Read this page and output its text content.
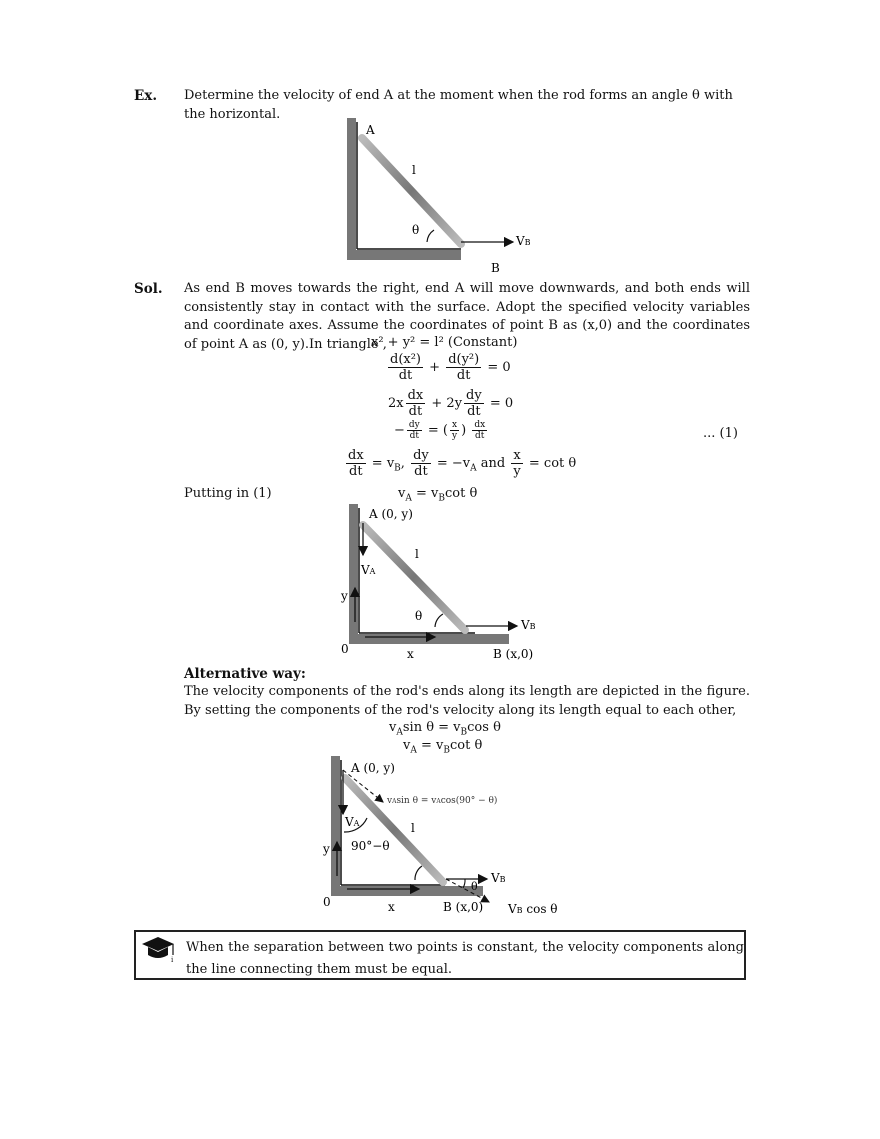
Ex. Determine the velocity of end A at the moment when the rod forms an angle θ with the horizontal.
A
l
θ
VB
B
Sol. As end B moves towards the right, end A will move downwards, and both ends will consistently stay in contact with the surface. Adopt the specified velocity variables and coordinate axes. Assume the coordinates of point B as (x,0) and the coordinates of point A as (0, y).In triangle ,
x² + y² = l² (Constant)
$\frac{\text{d(x²)}}{dt} + \frac{\text{d(y²)}}{dt} = 0$
$2x \frac{dx}{dt} + 2y \frac{dy}{dt} = 0$
− $\frac{dy}{dt}$ = ( $\frac{x}{y}$ ) $\frac{dx}{dt}$	... (1)
$\frac{dx}{dt} = v_B$, $\frac{dy}{dt} = -v_A$ and $\frac{x}{y} = \cot \theta$
Putting in (1)	$v_A = v_B\cot$ θ
A (0, y)
l
VA
y
θ
VB
0	x	B (x,0)
Alternative way:
The velocity components of the rod's ends along its length are depicted in the figure. By setting the components of the rod's velocity along its length equal to each other,
$v_A\sin$ $\theta = v_B\cos$ θ
$v_A = v_B\cot$ θ
A (0, y)
vAsin θ = vAcos(90° − θ)
l
VA
90°−θ
y
θ
VB
0	x	B (x,0) VB cos θ
i
When the separation between two points is constant, the velocity components along the line connecting them must be equal.
